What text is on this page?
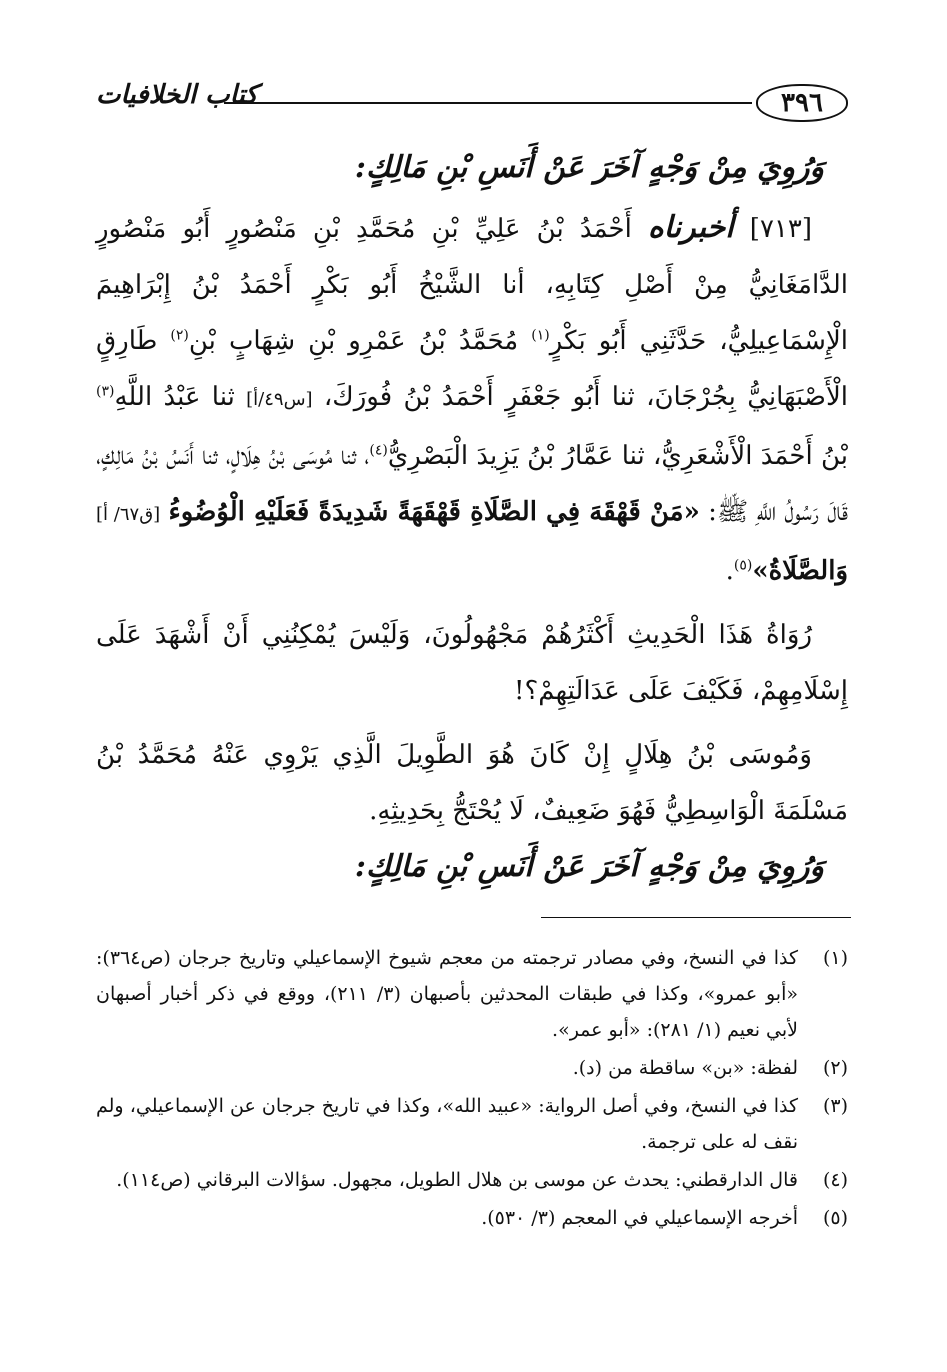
٣٩٦
كتاب الخلافيات

وَرُوِيَ مِنْ وَجْهٍ آخَرَ عَنْ أَنَسِ بْنِ مَالِكٍ:

[٧١٣] أخبرناه أَحْمَدُ بْنُ عَلِيِّ بْنِ مُحَمَّدِ بْنِ مَنْصُورٍ أَبُو مَنْصُورٍ الدَّامَغَانِيُّ مِنْ أَصْلِ كِتَابِهِ، أنا الشَّيْخُ أَبُو بَكْرٍ أَحْمَدُ بْنُ إِبْرَاهِيمَ الْإِسْمَاعِيلِيُّ، حَدَّثَنِي أَبُو بَكْرٍ$^{(١)}$ مُحَمَّدُ بْنُ عَمْرِو بْنِ شِهَابٍ بْنِ$^{(٢)}$ طَارِقٍ الْأَصْبَهَانِيُّ بِجُرْجَانَ، ثنا أَبُو جَعْفَرٍ أَحْمَدُ بْنُ فُورَكَ، [س٤٩/أ] ثنا عَبْدُ اللَّهِ$^{(٣)}$ بْنُ أَحْمَدَ الْأَشْعَرِيُّ، ثنا عَمَّارُ بْنُ يَزِيدَ الْبَصْرِيُّ$^{(٤)}$، ثنا مُوسَى بْنُ هِلَالٍ، ثنا أَنَسُ بْنُ مَالِكٍ، قَالَ رَسُولُ اللَّهِ ﷺ: «مَنْ قَهْقَهَ فِي الصَّلَاةِ قَهْقَهَةً شَدِيدَةً فَعَلَيْهِ الْوُضُوءُ [ق٦٧/ أ] وَالصَّلَاةُ»$^{(٥)}$.

رُوَاةُ هَذَا الْحَدِيثِ أَكْثَرُهُمْ مَجْهُولُونَ، وَلَيْسَ يُمْكِنُنِي أَنْ أَشْهَدَ عَلَى إِسْلَامِهِمْ، فَكَيْفَ عَلَى عَدَالَتِهِمْ؟!

وَمُوسَى بْنُ هِلَالٍ إِنْ كَانَ هُوَ الطَّوِيلَ الَّذِي يَرْوِي عَنْهُ مُحَمَّدُ بْنُ مَسْلَمَةَ الْوَاسِطِيُّ فَهُوَ ضَعِيفٌ، لَا يُحْتَجُّ بِحَدِيثِهِ.

وَرُوِيَ مِنْ وَجْهٍ آخَرَ عَنْ أَنَسِ بْنِ مَالِكٍ:

(١)
كذا في النسخ، وفي مصادر ترجمته من معجم شيوخ الإسماعيلي وتاريخ جرجان (ص٣٦٤): «أبو عمرو»، وكذا في طبقات المحدثين بأصبهان (٣/ ٢١١)، ووقع في ذكر أخبار أصبهان لأبي نعيم (١/ ٢٨١): «أبو عمر».
(٢)
لفظة: «بن» ساقطة من (د).
(٣)
كذا في النسخ، وفي أصل الرواية: «عبيد الله»، وكذا في تاريخ جرجان عن الإسماعيلي، ولم نقف له على ترجمة.
(٤)
قال الدارقطني: يحدث عن موسى بن هلال الطويل، مجهول. سؤالات البرقاني (ص١١٤).
(٥)
أخرجه الإسماعيلي في المعجم (٣/ ٥٣٠).
